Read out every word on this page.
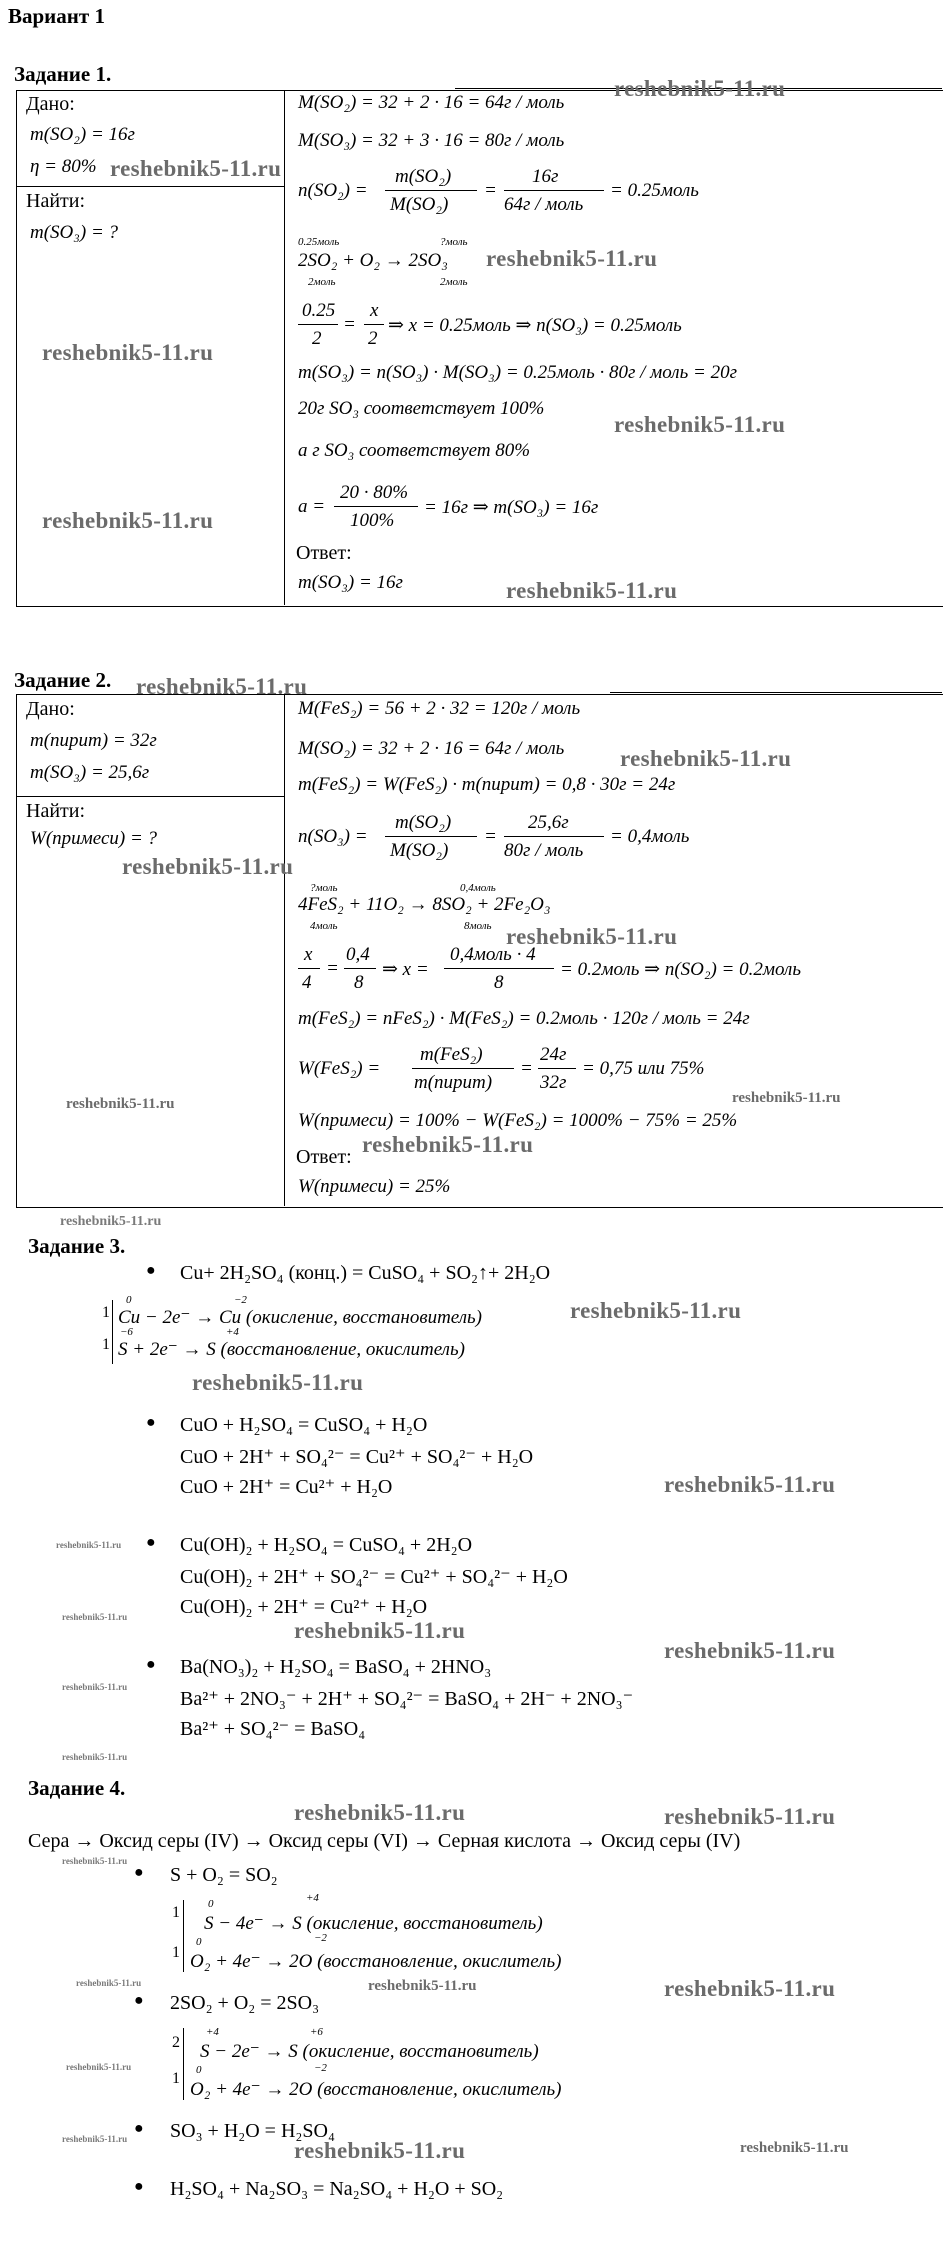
Вариант 1
Задание 1.
Дано:
m(SO₂) = 16г
η = 80%
Найти:
m(SO₃) = ?
M(SO₂) = 32 + 2 · 16 = 64г / моль
M(SO₃) = 32 + 3 · 16 = 80г / моль
n(SO₂) =
m(SO₂)
M(SO₂)
=
16г
64г / моль
= 0.25моль
0.25моль
2SO₂ + O₂ → 2SO₃
2моль
?моль
2моль
0.25
2
=
x
2
⇒ x = 0.25моль ⇒ n(SO₃) = 0.25моль
m(SO₃) = n(SO₃) · M(SO₃) = 0.25моль · 80г / моль = 20г
20г SO₃ соответствует 100%
a г SO₃ соответствует 80%
a =
20 · 80%
100%
= 16г ⇒ m(SO₃) = 16г
Ответ:
m(SO₃) = 16г
reshebnik5-11.ru
reshebnik5-11.ru
reshebnik5-11.ru
reshebnik5-11.ru
reshebnik5-11.ru
reshebnik5-11.ru
reshebnik5-11.ru
Задание 2.
Дано:
m(пирит) = 32г
m(SO₃) = 25,6г
Найти:
W(примеси) = ?
M(FeS₂) = 56 + 2 · 32 = 120г / моль
M(SO₂) = 32 + 2 · 16 = 64г / моль
m(FeS₂) = W(FeS₂) · m(пирит) = 0,8 · 30г = 24г
n(SO₃) =
m(SO₂)
M(SO₂)
=
25,6г
80г / моль
= 0,4моль
?моль	0,4моль
4FeS₂ + 11O₂ → 8SO₂ + 2Fe₂O₃
4моль	8моль
x
4
=
0,4
8
⇒ x =
0,4моль · 4
8
= 0.2моль ⇒ n(SO₂) = 0.2моль
m(FeS₂) = nFeS₂) · M(FeS₂) = 0.2моль · 120г / моль = 24г
W(FeS₂) =
m(FeS₂)
m(пирит)
=
24г
32г
= 0,75 или 75%
W(примеси) = 100% − W(FeS₂) = 1000% − 75% = 25%
Ответ:
W(примеси) = 25%
reshebnik5-11.ru
reshebnik5-11.ru
reshebnik5-11.ru
reshebnik5-11.ru
reshebnik5-11.ru	reshebnik5-11.ru
reshebnik5-11.ru
reshebnik5-11.ru
Задание 3.
● Cu+ 2H₂SO₄ (конц.) = CuSO₄ + SO₂↑+ 2H₂O
1
1
0	−2
Cu − 2e⁻ → Cu (окисление, восстановитель)
−6	+4
S + 2e⁻ → S (восстановление, окислитель)
reshebnik5-11.ru
reshebnik5-11.ru
● CuO + H₂SO₄ = CuSO₄ + H₂O
CuO + 2H⁺ + SO₄²⁻ = Cu²⁺ + SO₄²⁻ + H₂O
CuO + 2H⁺ = Cu²⁺ + H₂O	reshebnik5-11.ru
reshebnik5-11.ru ● Cu(OH)₂ + H₂SO₄ = CuSO₄ + 2H₂O
Cu(OH)₂ + 2H⁺ + SO₄²⁻ = Cu²⁺ + SO₄²⁻ + H₂O
reshebnik5-11.ru	Cu(OH)₂ + 2H⁺ = Cu²⁺ + H₂O
reshebnik5-11.ru
reshebnik5-11.ru
reshebnik5-11.ru
● Ba(NO₃)₂ + H₂SO₄ = BaSO₄ + 2HNO₃
Ba²⁺ + 2NO₃⁻ + 2H⁺ + SO₄²⁻ = BaSO₄ + 2H⁻ + 2NO₃⁻
Ba²⁺ + SO₄²⁻ = BaSO₄
reshebnik5-11.ru
Задание 4.
reshebnik5-11.ru	reshebnik5-11.ru
Сера → Оксид серы (IV) → Оксид серы (VI) → Серная кислота → Оксид серы (IV)
reshebnik5-11.ru
● S + O₂ = SO₂
1
1
0	+4
S − 4e⁻ → S (окисление, восстановитель)
0	−2
O₂ + 4e⁻ → 2O (восстановление, окислитель)
reshebnik5-11.ru	reshebnik5-11.ru	reshebnik5-11.ru
● 2SO₂ + O₂ = 2SO₃
2
1
+4	+6
S − 2e⁻ → S (окисление, восстановитель)
0	−2
O₂ + 4e⁻ → 2O (восстановление, окислитель)
reshebnik5-11.ru
● SO₃ + H₂O = H₂SO₄
reshebnik5-11.ru	reshebnik5-11.ru	reshebnik5-11.ru
● H₂SO₄ + Na₂SO₃ = Na₂SO₄ + H₂O + SO₂
